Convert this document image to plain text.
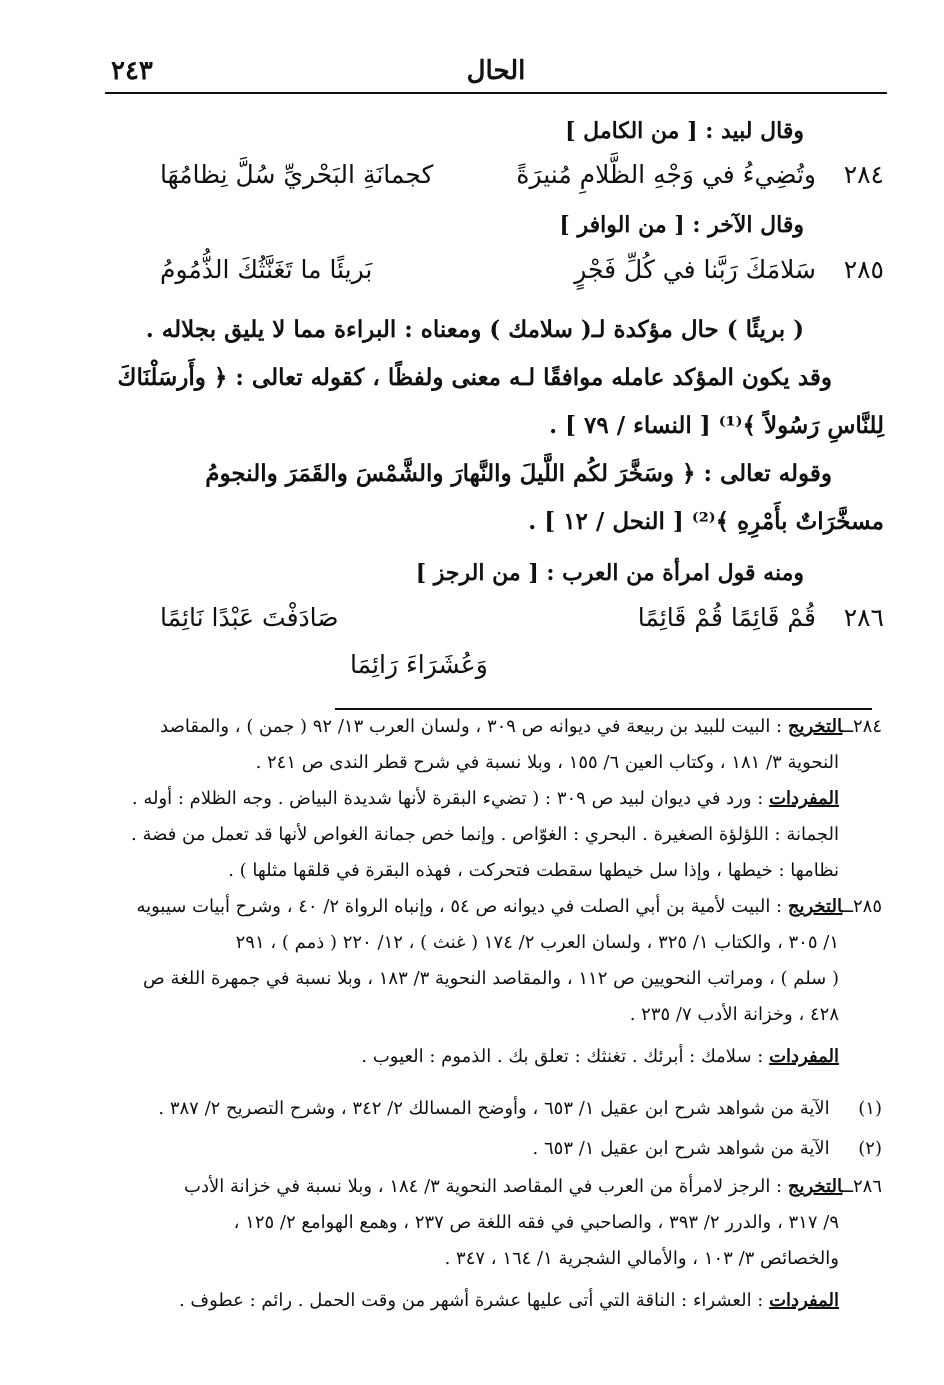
٢٤٣	الحال
وقال لبيد : [ من الكامل ]
٢٨٤
وتُضِيءُ في وَجْهِ الظَّلامِ مُنيرَةً
كجمانَةِ البَحْريِّ سُلَّ نِظامُهَا
وقال الآخر : [ من الوافر ]
٢٨٥
سَلامَكَ رَبَّنا في كُلِّ فَجْرٍ
بَريئًا ما تَغَنَّثُكَ الذُّمُومُ
( بريئًا ) حال مؤكدة لـ( سلامك ) ومعناه : البراءة مما لا يليق بجلاله .
وقد يكون المؤكد عامله موافقًا لـه معنى ولفظًا ، كقوله تعالى : ﴿ وأَرسَلْنَاكَ
لِلنَّاسِ رَسُولاً ﴾⁽¹⁾ [ النساء / ٧٩ ] .
وقوله تعالى : ﴿ وسَخَّرَ لكُم اللَّيلَ والنَّهارَ والشَّمْسَ والقَمَرَ والنجومُ
مسخَّرَاتٌ بأَمْرِهِ ﴾⁽²⁾ [ النحل / ١٢ ] .
ومنه قول امرأة من العرب : [ من الرجز ]
٢٨٦
قُمْ قَائِمًا قُمْ قَائِمًا
صَادَفْتَ عَبْدًا نَائِمًا
وَعُشَرَاءَ رَائِمَا
٢٨٤ــالتخريج : البيت للبيد بن ربيعة في ديوانه ص ٣٠٩ ، ولسان العرب ١٣/ ٩٢ ( جمن ) ، والمقاصد
النحوية ٣/ ١٨١ ، وكتاب العين ٦/ ١٥٥ ، وبلا نسبة في شرح قطر الندى ص ٢٤١ .
المفردات : ورد في ديوان لبيد ص ٣٠٩ : ( تضيء البقرة لأنها شديدة البياض . وجه الظلام : أوله .
الجمانة : اللؤلؤة الصغيرة . البحري : الغوّاص . وإنما خص جمانة الغواص لأنها قد تعمل من فضة .
نظامها : خيطها ، وإذا سل خيطها سقطت فتحركت ، فهذه البقرة في قلقها مثلها ) .
٢٨٥ــالتخريج : البيت لأمية بن أبي الصلت في ديوانه ص ٥٤ ، وإنباه الرواة ٢/ ٤٠ ، وشرح أبيات سيبويه
١/ ٣٠٥ ، والكتاب ١/ ٣٢٥ ، ولسان العرب ٢/ ١٧٤ ( غنث ) ، ١٢/ ٢٢٠ ( ذمم ) ، ٢٩١
( سلم ) ، ومراتب النحويين ص ١١٢ ، والمقاصد النحوية ٣/ ١٨٣ ، وبلا نسبة في جمهرة اللغة ص
٤٢٨ ، وخزانة الأدب ٧/ ٢٣٥ .
المفردات : سلامك : أبرئك . تغنثك : تعلق بك . الذموم : العيوب .
(١)     الآية من شواهد شرح ابن عقيل ١/ ٦٥٣ ، وأوضح المسالك ٢/ ٣٤٢ ، وشرح التصريح ٢/ ٣٨٧ .
(٢)     الآية من شواهد شرح ابن عقيل ١/ ٦٥٣ .
٢٨٦ــالتخريج : الرجز لامرأة من العرب في المقاصد النحوية ٣/ ١٨٤ ، وبلا نسبة في خزانة الأدب
٩/ ٣١٧ ، والدرر ٢/ ٣٩٣ ، والصاحبي في فقه اللغة ص ٢٣٧ ، وهمع الهوامع ٢/ ١٢٥ ،
والخصائص ٣/ ١٠٣ ، والأمالي الشجرية ١/ ١٦٤ ، ٣٤٧ .
المفردات : العشراء : الناقة التي أتى عليها عشرة أشهر من وقت الحمل . رائم : عطوف .
